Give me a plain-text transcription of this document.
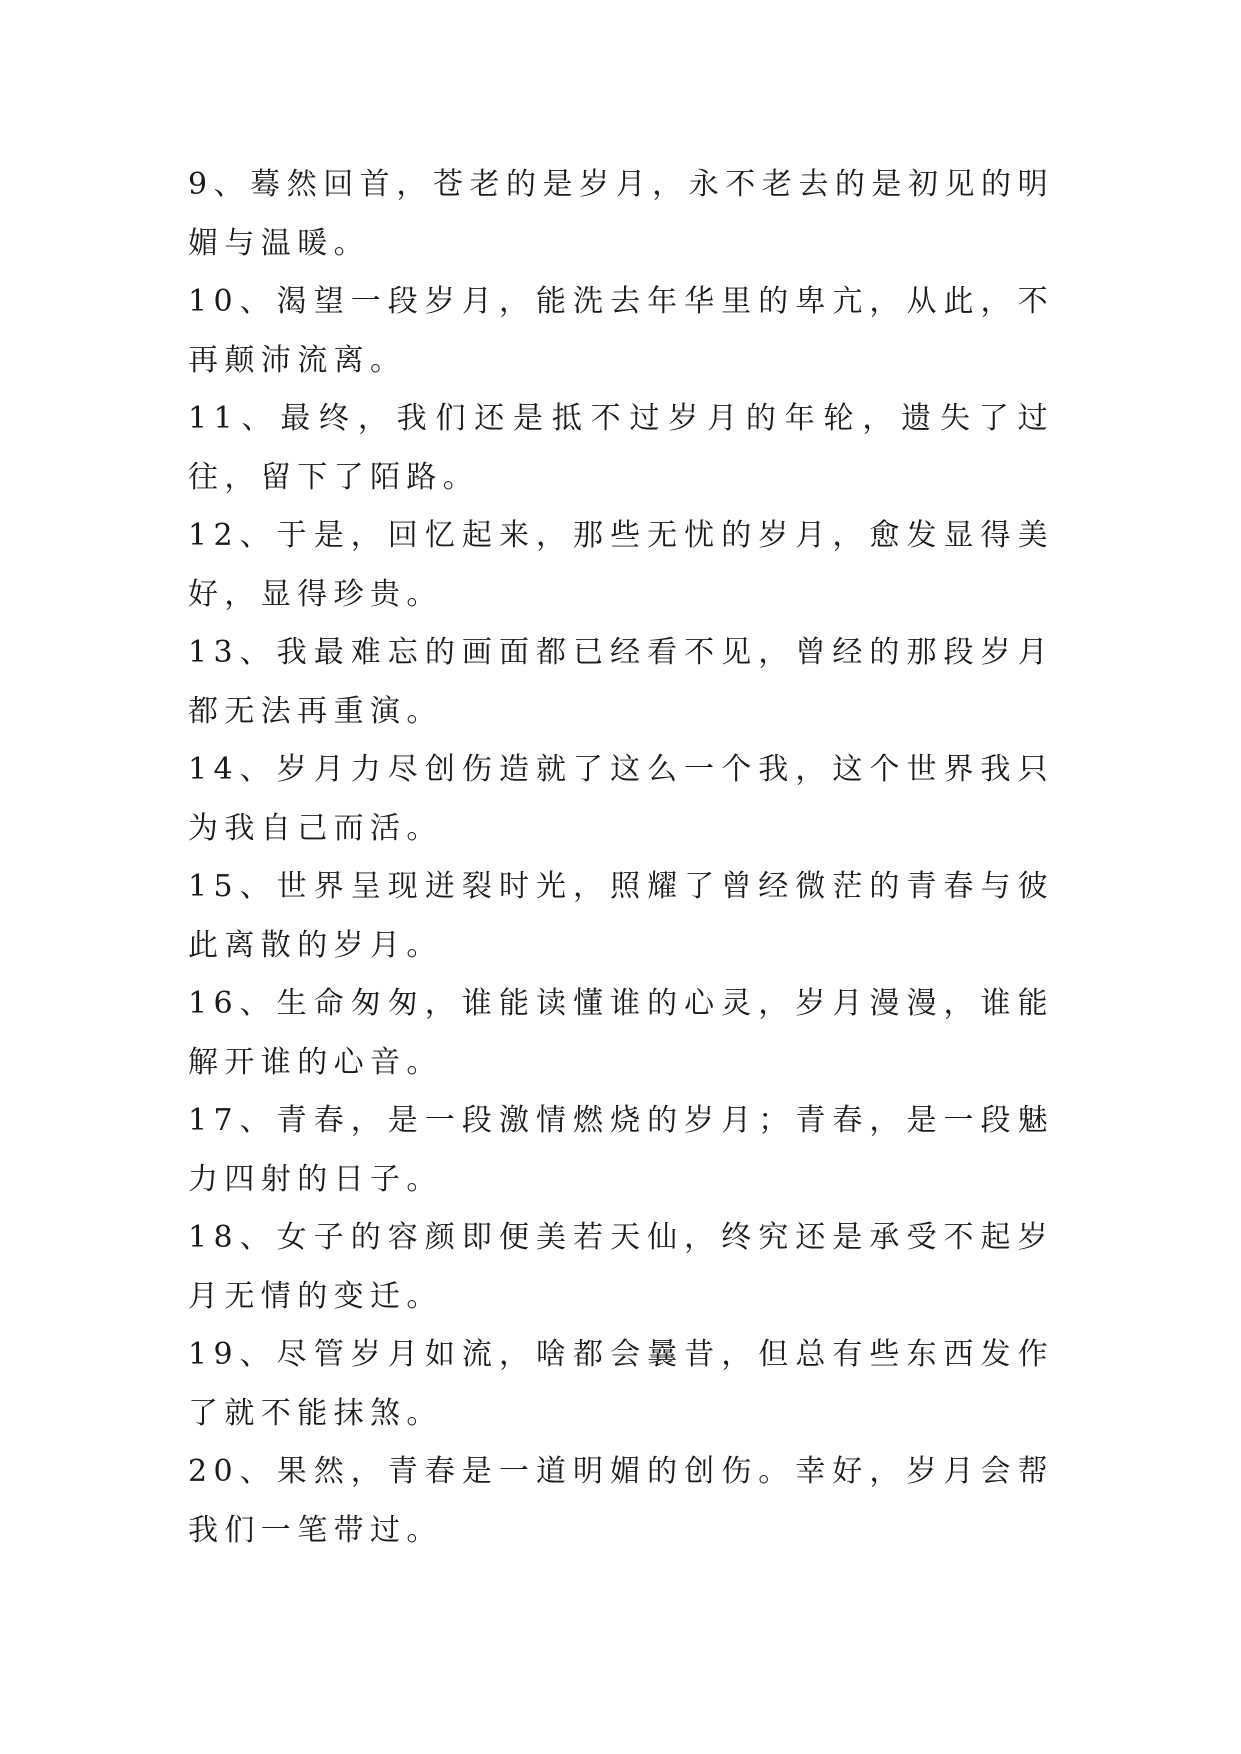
9、蓦然回首，苍老的是岁月，永不老去的是初见的明媚与温暖。

10、渴望一段岁月，能洗去年华里的卑亢，从此，不再颠沛流离。

11、最终，我们还是抵不过岁月的年轮，遗失了过往，留下了陌路。

12、于是，回忆起来，那些无忧的岁月，愈发显得美好，显得珍贵。

13、我最难忘的画面都已经看不见，曾经的那段岁月都无法再重演。

14、岁月力尽创伤造就了这么一个我，这个世界我只为我自己而活。

15、世界呈现迸裂时光，照耀了曾经微茫的青春与彼此离散的岁月。

16、生命匆匆，谁能读懂谁的心灵，岁月漫漫，谁能解开谁的心音。

17、青春，是一段激情燃烧的岁月；青春，是一段魅力四射的日子。

18、女子的容颜即便美若天仙，终究还是承受不起岁月无情的变迁。

19、尽管岁月如流，啥都会曩昔，但总有些东西发作了就不能抹煞。

20、果然，青春是一道明媚的创伤。幸好，岁月会帮我们一笔带过。
